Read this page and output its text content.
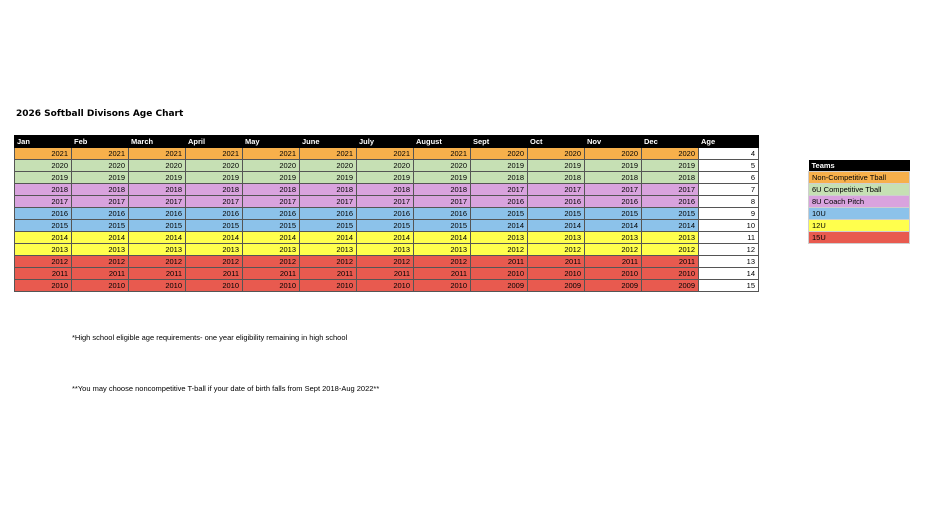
2026 Softball Divisons Age Chart
Jan	Feb	March	April	May	June	July	August	Sept	Oct	Nov	Dec	Age
2021	2021	2021	2021	2021	2021	2021	2021	2020	2020	2020	2020	4
2020	2020	2020	2020	2020	2020	2020	2020	2019	2019	2019	2019	5
2019	2019	2019	2019	2019	2019	2019	2019	2018	2018	2018	2018	6
2018	2018	2018	2018	2018	2018	2018	2018	2017	2017	2017	2017	7
2017	2017	2017	2017	2017	2017	2017	2017	2016	2016	2016	2016	8
2016	2016	2016	2016	2016	2016	2016	2016	2015	2015	2015	2015	9
2015	2015	2015	2015	2015	2015	2015	2015	2014	2014	2014	2014	10
2014	2014	2014	2014	2014	2014	2014	2014	2013	2013	2013	2013	11
2013	2013	2013	2013	2013	2013	2013	2013	2012	2012	2012	2012	12
2012	2012	2012	2012	2012	2012	2012	2012	2011	2011	2011	2011	13
2011	2011	2011	2011	2011	2011	2011	2011	2010	2010	2010	2010	14
2010	2010	2010	2010	2010	2010	2010	2010	2009	2009	2009	2009	15
*High school eligible age requirements- one year eligibility remaining in high school
**You may choose noncompetitive T-ball if your date of birth falls from Sept 2018-Aug 2022**
Teams
Non-Competitive Tball
6U Competitive Tball
8U Coach Pitch
10U
12U
15U
